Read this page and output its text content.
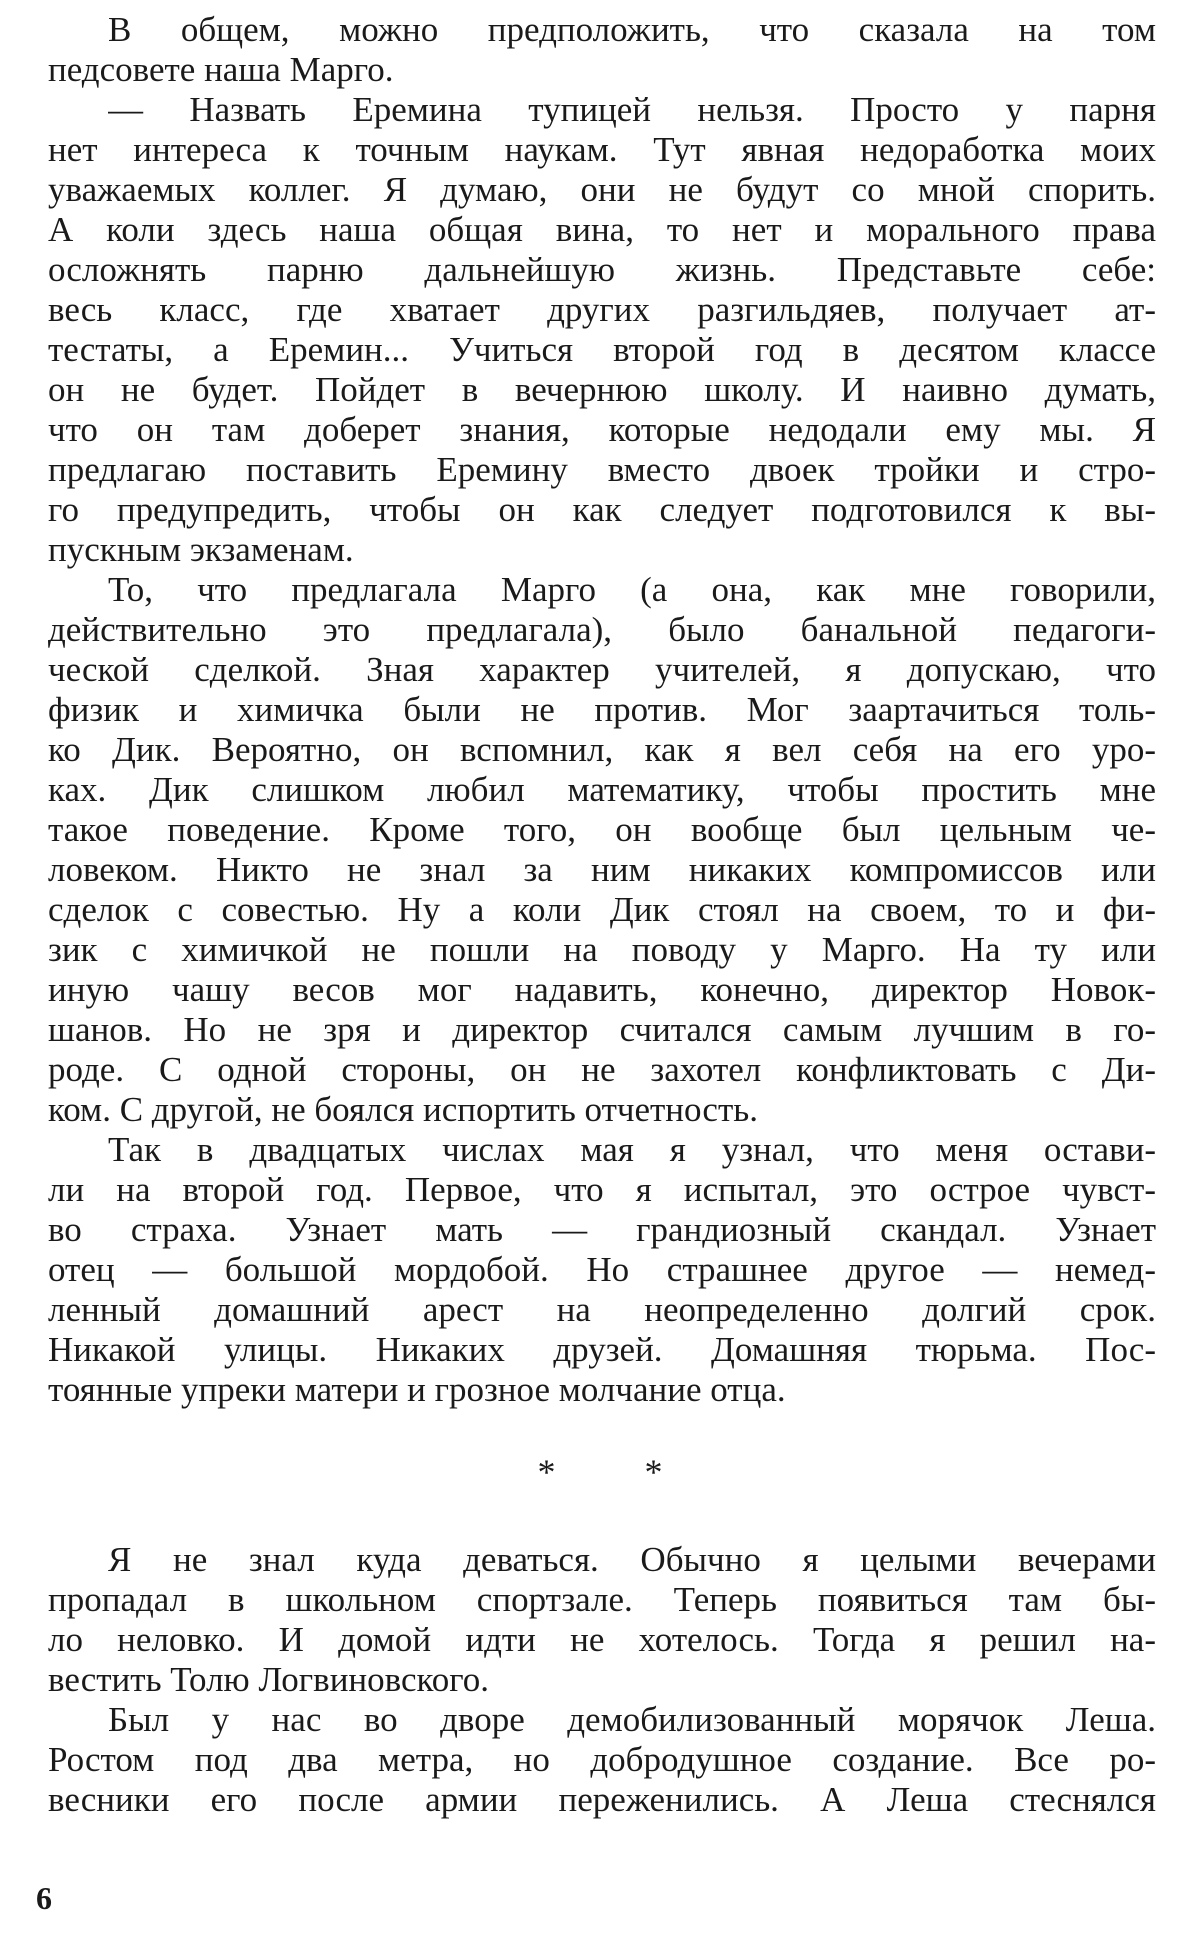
В общем, можно предположить, что сказала на том
педсовете наша Марго.
— Назвать Еремина тупицей нельзя. Просто у парня
нет интереса к точным наукам. Тут явная недоработка моих
уважаемых коллег. Я думаю, они не будут со мной спорить.
А коли здесь наша общая вина, то нет и морального права
осложнять парню дальнейшую жизнь. Представьте себе:
весь класс, где хватает других разгильдяев, получает ат-
тестаты, а Еремин... Учиться второй год в десятом классе
он не будет. Пойдет в вечернюю школу. И наивно думать,
что он там доберет знания, которые недодали ему мы. Я
предлагаю поставить Еремину вместо двоек тройки и стро-
го предупредить, чтобы он как следует подготовился к вы-
пускным экзаменам.
То, что предлагала Марго (а она, как мне говорили,
действительно это предлагала), было банальной педагоги-
ческой сделкой. Зная характер учителей, я допускаю, что
физик и химичка были не против. Мог заартачиться толь-
ко Дик. Вероятно, он вспомнил, как я вел себя на его уро-
ках. Дик слишком любил математику, чтобы простить мне
такое поведение. Кроме того, он вообще был цельным че-
ловеком. Никто не знал за ним никаких компромиссов или
сделок с совестью. Ну а коли Дик стоял на своем, то и фи-
зик с химичкой не пошли на поводу у Марго. На ту или
иную чашу весов мог надавить, конечно, директор Новок-
шанов. Но не зря и директор считался самым лучшим в го-
роде. С одной стороны, он не захотел конфликтовать с Ди-
ком. С другой, не боялся испортить отчетность.
Так в двадцатых числах мая я узнал, что меня остави-
ли на второй год. Первое, что я испытал, это острое чувст-
во страха. Узнает мать — грандиозный скандал. Узнает
отец — большой мордобой. Но страшнее другое — немед-
ленный домашний арест на неопределенно долгий срок.
Никакой улицы. Никаких друзей. Домашняя тюрьма. Пос-
тоянные упреки матери и грозное молчание отца.
* *
Я не знал куда деваться. Обычно я целыми вечерами
пропадал в школьном спортзале. Теперь появиться там бы-
ло неловко. И домой идти не хотелось. Тогда я решил на-
вестить Толю Логвиновского.
Был у нас во дворе демобилизованный морячок Леша.
Ростом под два метра, но добродушное создание. Все ро-
весники его после армии переженились. А Леша стеснялся
6
